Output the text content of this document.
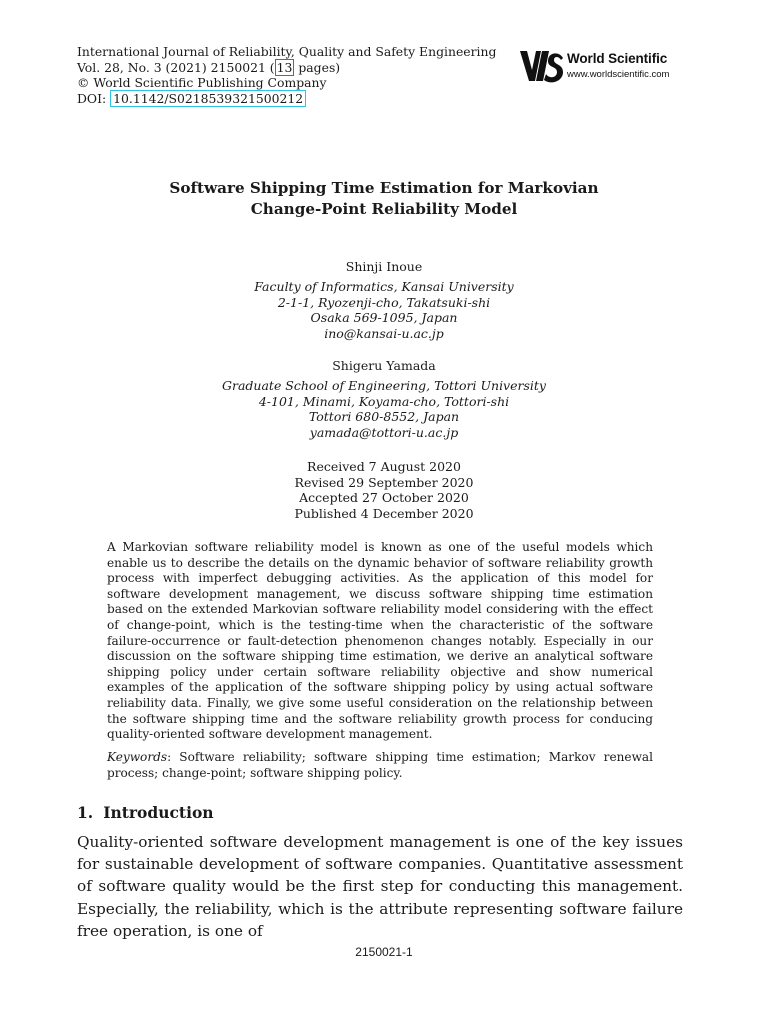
International Journal of Reliability, Quality and Safety Engineering
Vol. 28, No. 3 (2021) 2150021 ( 13 pages)
© World Scientific Publishing Company
DOI: 10.1142/S0218539321500212
World Scientific
www.worldscientific.com
Software Shipping Time Estimation for Markovian
Change-Point Reliability Model
Shinji Inoue
Faculty of Informatics, Kansai University
2-1-1, Ryozenji-cho, Takatsuki-shi
Osaka 569-1095, Japan
ino@kansai-u.ac.jp
Shigeru Yamada
Graduate School of Engineering, Tottori University
4-101, Minami, Koyama-cho, Tottori-shi
Tottori 680-8552, Japan
yamada@tottori-u.ac.jp
Received 7 August 2020
Revised 29 September 2020
Accepted 27 October 2020
Published 4 December 2020

A Markovian software reliability model is known as one of the useful models which enable us to describe the details on the dynamic behavior of software reliability growth process with imperfect debugging activities. As the application of this model for software development management, we discuss software shipping time estimation based on the extended Markovian software reliability model considering with the effect of change-point, which is the testing-time when the characteristic of the software failure-occurrence or fault-detection phenomenon changes notably. Especially in our discussion on the software shipping time estimation, we derive an analytical software shipping policy under certain software reliability objective and show numerical examples of the application of the software shipping policy by using actual software reliability data. Finally, we give some useful consideration on the relationship between the software shipping time and the software reliability growth process for conducing quality-oriented software development management.

Keywords: Software reliability; software shipping time estimation; Markov renewal process; change-point; software shipping policy.
1. Introduction

Quality-oriented software development management is one of the key issues for sustainable development of software companies. Quantitative assessment of software quality would be the first step for conducting this management. Especially, the reliability, which is the attribute representing software failure free operation, is one of

2150021-1
